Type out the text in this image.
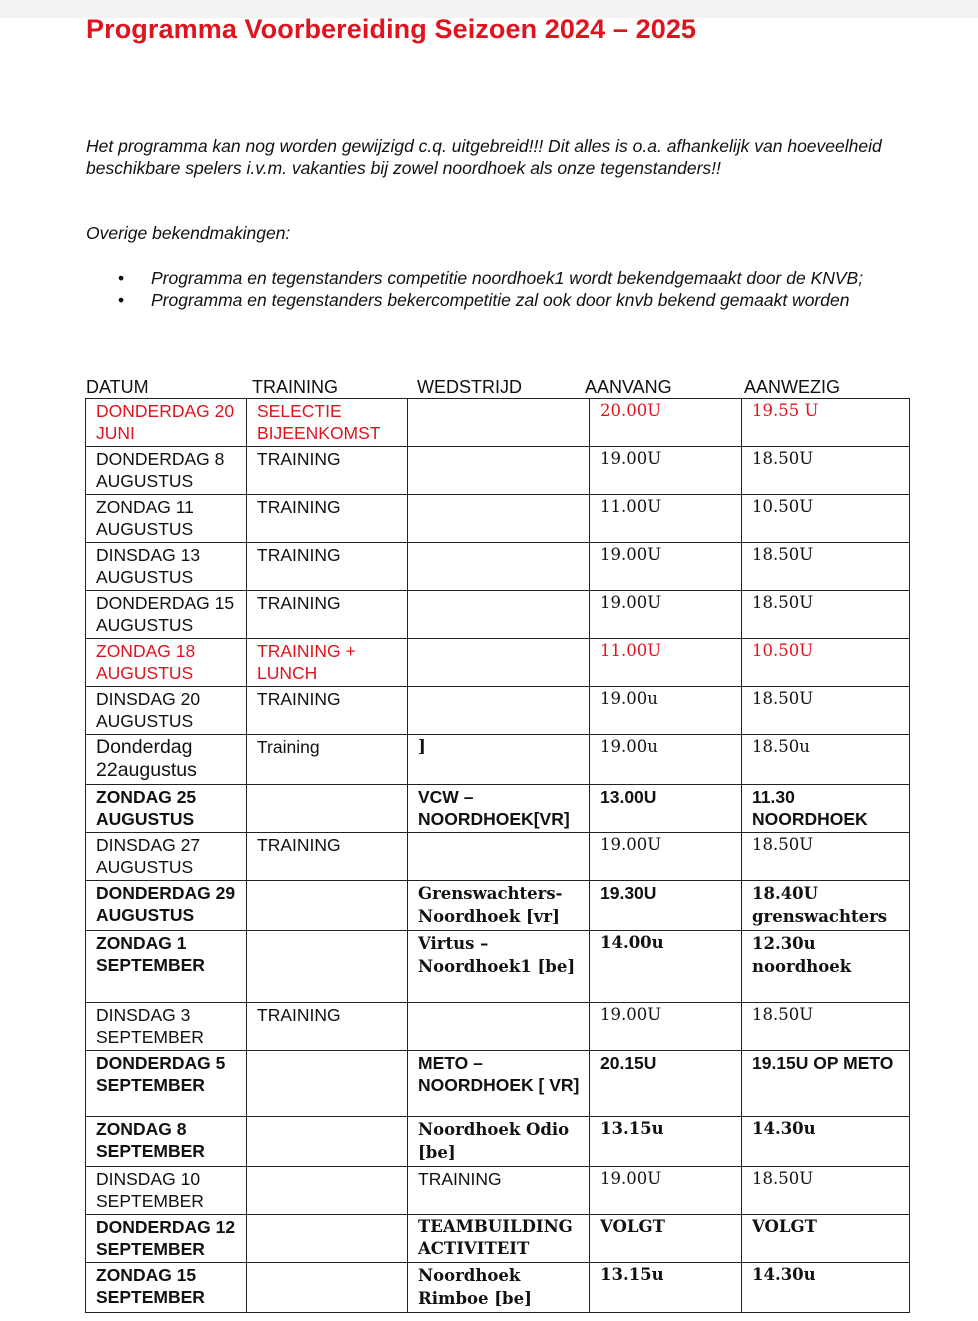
Programma Voorbereiding Seizoen 2024 – 2025
Het programma kan nog worden gewijzigd c.q. uitgebreid!!! Dit alles is o.a. afhankelijk van hoeveelheid beschikbare spelers i.v.m. vakanties bij zowel noordhoek als onze tegenstanders!!
Overige bekendmakingen:
• Programma en tegenstanders competitie noordhoek1 wordt bekendgemaakt door de KNVB;
• Programma en tegenstanders bekercompetitie zal ook door knvb bekend gemaakt worden
DATUM	TRAINING	WEDSTRIJD	AANVANG	AANWEZIG
DONDERDAG 20 JUNI	SELECTIE BIJEENKOMST		20.00U	19.55 U
DONDERDAG 8 AUGUSTUS	TRAINING		19.00U	18.50U
ZONDAG 11 AUGUSTUS	TRAINING		11.00U	10.50U
DINSDAG 13 AUGUSTUS	TRAINING		19.00U	18.50U
DONDERDAG 15 AUGUSTUS	TRAINING		19.00U	18.50U
ZONDAG 18 AUGUSTUS	TRAINING + LUNCH		11.00U	10.50U
DINSDAG 20 AUGUSTUS	TRAINING		19.00u	18.50U
Donderdag 22augustus	Training	]	19.00u	18.50u
ZONDAG 25 AUGUSTUS		VCW – NOORDHOEK[VR]	13.00U	11.30 NOORDHOEK
DINSDAG 27 AUGUSTUS	TRAINING		19.00U	18.50U
DONDERDAG 29 AUGUSTUS		Grenswachters- Noordhoek [vr]	19.30U	18.40U grenswachters
ZONDAG 1 SEPTEMBER		Virtus – Noordhoek1 [be]	14.00u	12.30u noordhoek
DINSDAG 3 SEPTEMBER	TRAINING		19.00U	18.50U
DONDERDAG 5 SEPTEMBER		METO – NOORDHOEK [ VR]	20.15U	19.15U OP METO
ZONDAG 8 SEPTEMBER		Noordhoek Odio [be]	13.15u	14.30u
DINSDAG 10 SEPTEMBER		TRAINING	19.00U	18.50U
DONDERDAG 12 SEPTEMBER		TEAMBUILDING ACTIVITEIT	VOLGT	VOLGT
ZONDAG 15 SEPTEMBER		Noordhoek Rimboe [be]	13.15u	14.30u
